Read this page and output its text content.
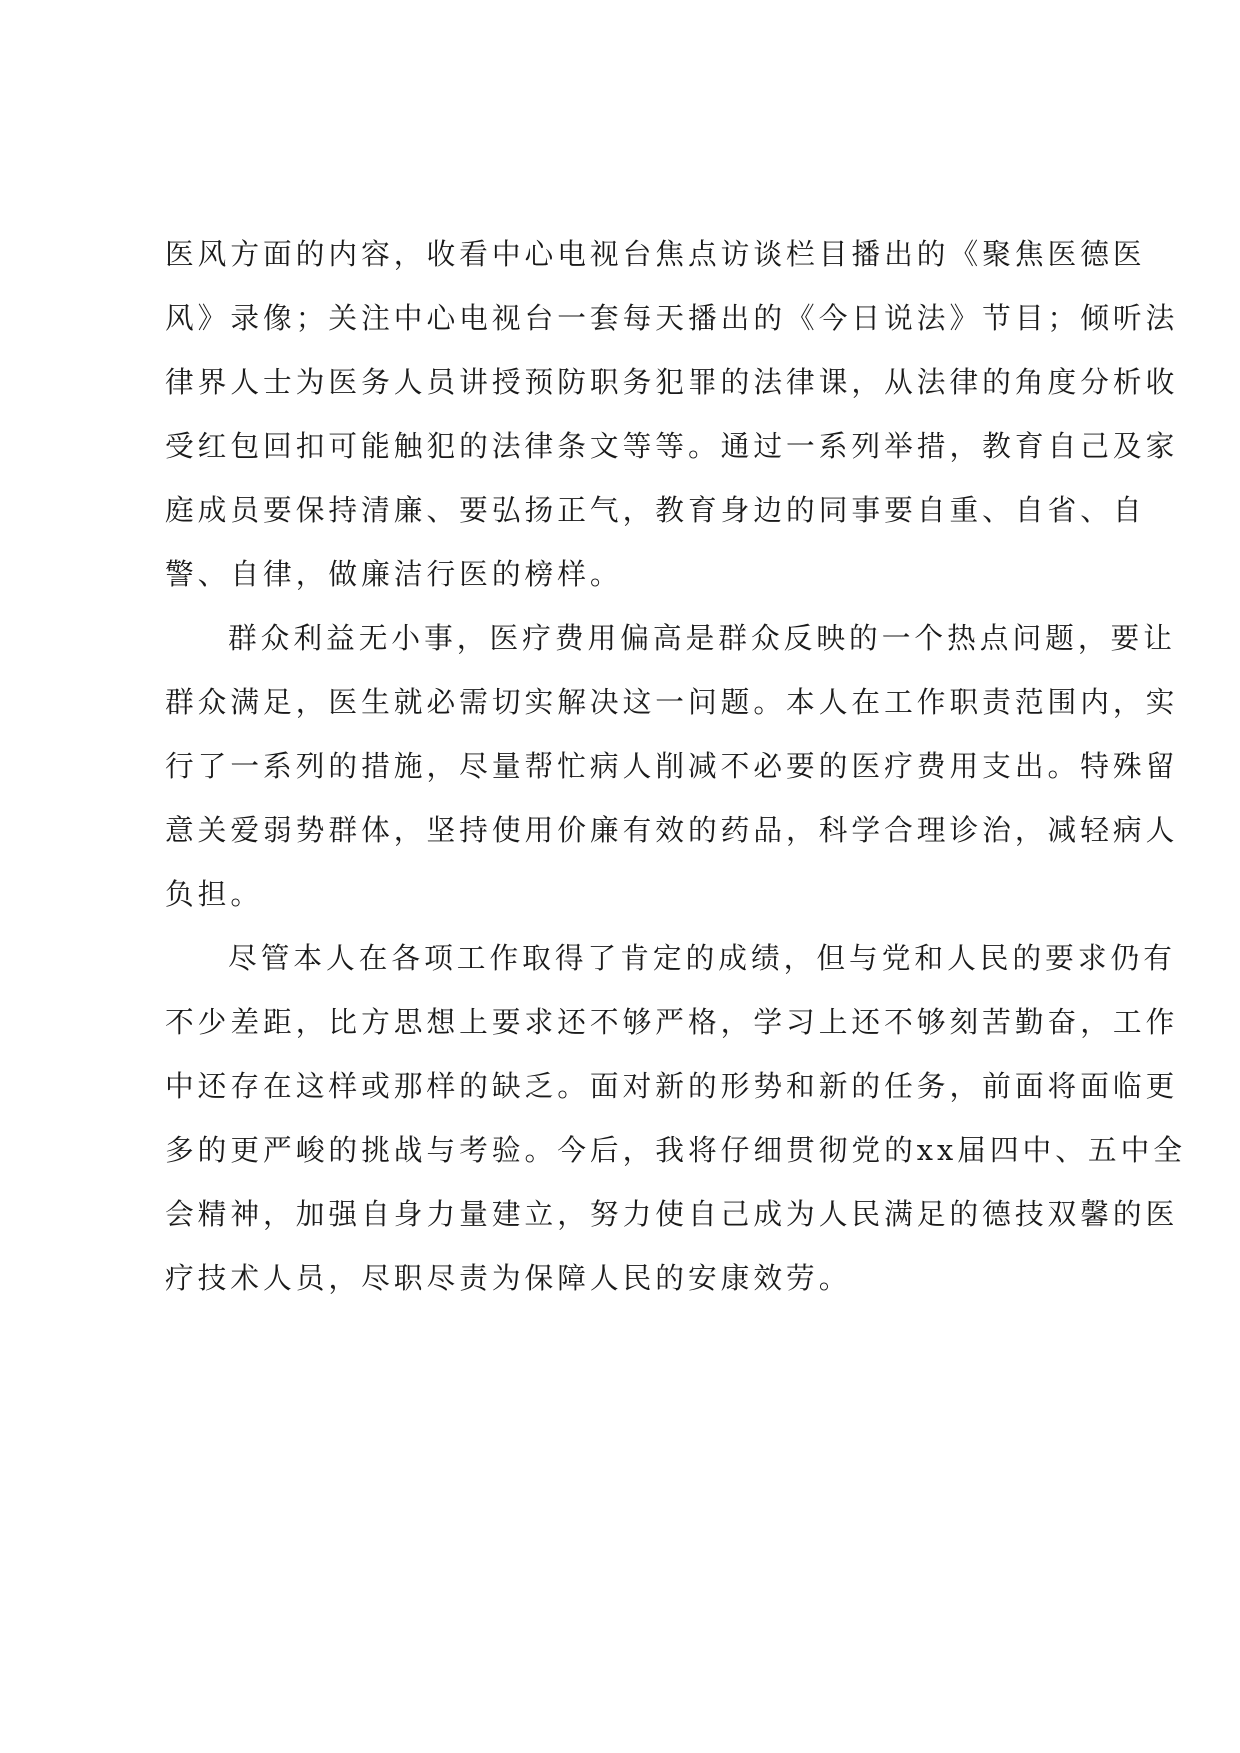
医风方面的内容，收看中心电视台焦点访谈栏目播出的《聚焦医德医
风》录像；关注中心电视台一套每天播出的《今日说法》节目；倾听法
律界人士为医务人员讲授预防职务犯罪的法律课，从法律的角度分析收
受红包回扣可能触犯的法律条文等等。通过一系列举措，教育自己及家
庭成员要保持清廉、要弘扬正气，教育身边的同事要自重、自省、自
警、自律，做廉洁行医的榜样。
群众利益无小事，医疗费用偏高是群众反映的一个热点问题，要让
群众满足，医生就必需切实解决这一问题。本人在工作职责范围内，实
行了一系列的措施，尽量帮忙病人削减不必要的医疗费用支出。特殊留
意关爱弱势群体，坚持使用价廉有效的药品，科学合理诊治，减轻病人
负担。
尽管本人在各项工作取得了肯定的成绩，但与党和人民的要求仍有
不少差距，比方思想上要求还不够严格，学习上还不够刻苦勤奋，工作
中还存在这样或那样的缺乏。面对新的形势和新的任务，前面将面临更
多的更严峻的挑战与考验。今后，我将仔细贯彻党的xx届四中、五中全
会精神，加强自身力量建立，努力使自己成为人民满足的德技双馨的医
疗技术人员，尽职尽责为保障人民的安康效劳。
